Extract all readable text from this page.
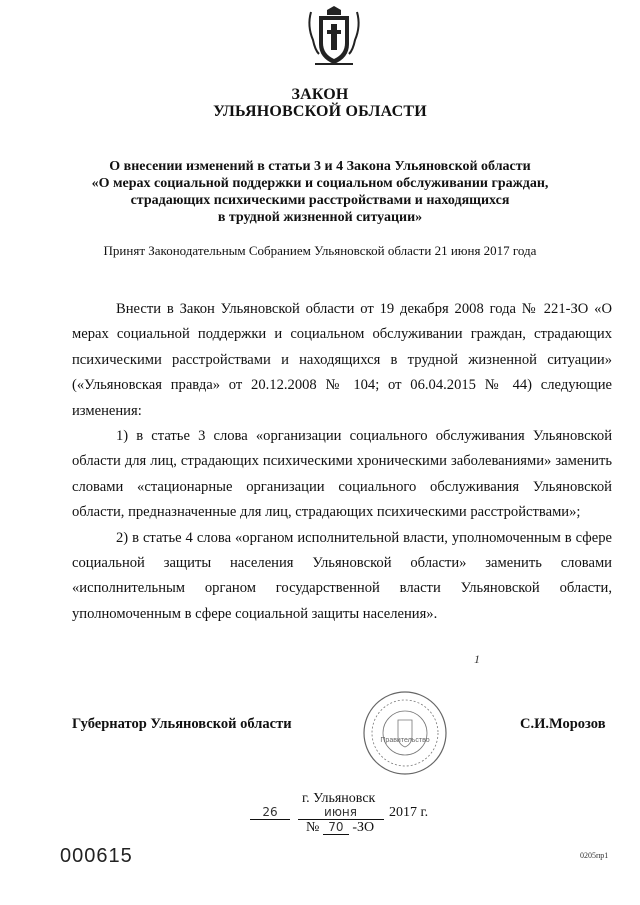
ЗАКОН
УЛЬЯНОВСКОЙ ОБЛАСТИ
О внесении изменений в статьи 3 и 4 Закона Ульяновской области
«О мерах социальной поддержки и социальном обслуживании граждан,
страдающих психическими расстройствами и находящихся
в трудной жизненной ситуации»
Принят Законодательным Собранием Ульяновской области 21 июня 2017 года

Внести в Закон Ульяновской области от 19 декабря 2008 года № 221-ЗО «О мерах социальной поддержки и социальном обслуживании граждан, страдающих психическими расстройствами и находящихся в трудной жизненной ситуации» («Ульяновская правда» от 20.12.2008 № 104; от 06.04.2015 № 44) следующие изменения:

1) в статье 3 слова «организации социального обслуживания Ульяновской области для лиц, страдающих психическими хроническими заболеваниями» заменить словами «стационарные организации социального обслуживания Ульяновской области, предназначенные для лиц, страдающих психическими расстройствами»;

2) в статье 4 слова «органом исполнительной власти, уполномоченным в сфере социальной защиты населения Ульяновской области» заменить словами «исполнительным органом государственной власти Ульяновской области, уполномоченным в сфере социальной защиты населения».

1
Губернатор Ульяновской области	С.И.Морозов
Правительство
г. Ульяновск
26	июня 2017 г.
№ 70 -ЗО
000615	0205пр1
